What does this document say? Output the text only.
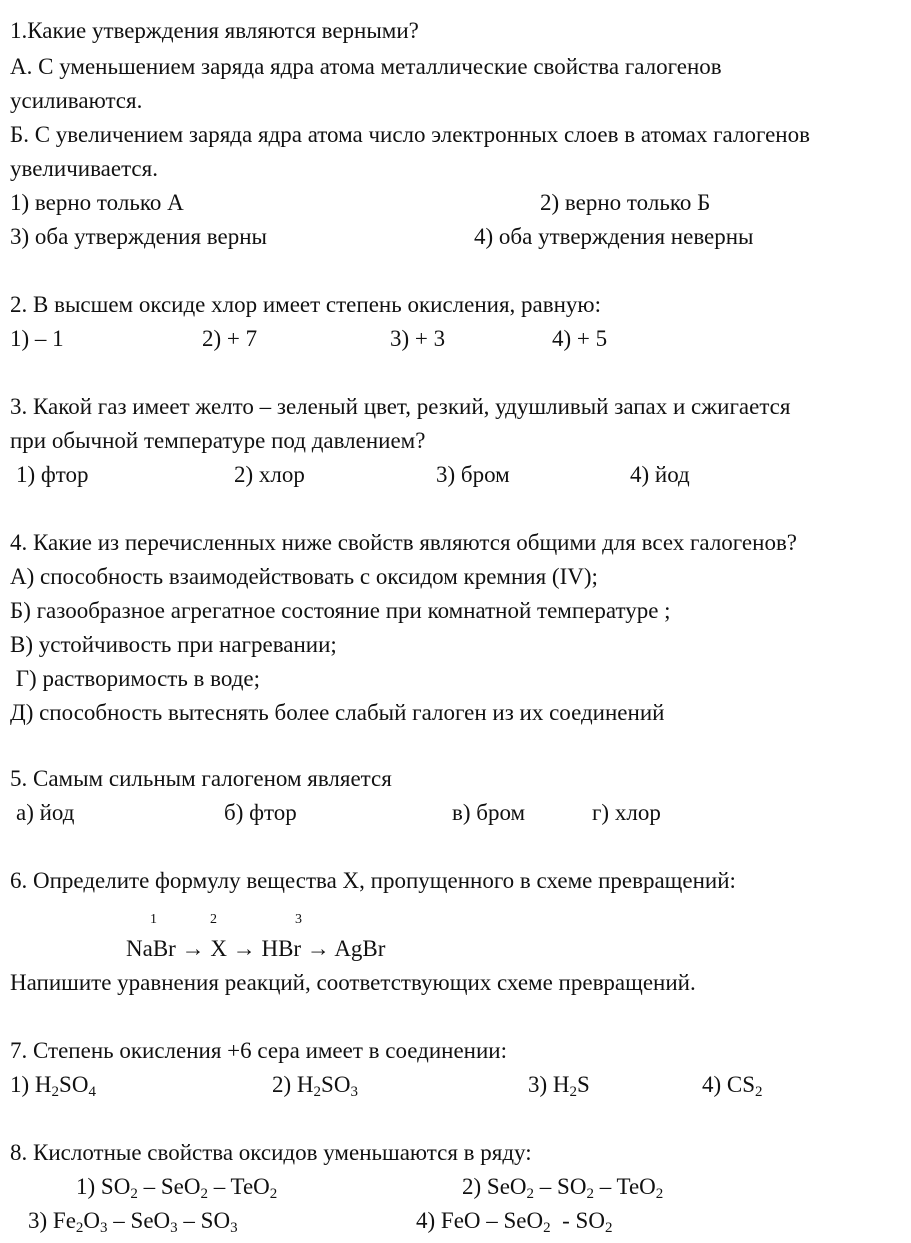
1.Какие утверждения являются верными?
А. С уменьшением заряда ядра атома металлические свойства галогенов
усиливаются.
Б. С увеличением заряда ядра атома число электронных слоев в атомах галогенов
увеличивается.
1) верно только А	2) верно только Б
3) оба утверждения верны	4) оба утверждения неверны
2. В высшем оксиде хлор имеет степень окисления, равную:
1) – 1	2) + 7	3) + 3	4) + 5
3. Какой газ имеет желто – зеленый цвет, резкий, удушливый запах и сжигается
при обычной температуре под давлением?
1) фтор	2) хлор	3) бром	4) йод
4. Какие из перечисленных ниже свойств являются общими для всех галогенов?
А) способность взаимодействовать с оксидом кремния (IV);
Б) газообразное агрегатное состояние при комнатной температуре ;
В) устойчивость при нагревании;
Г) растворимость в воде;
Д) способность вытеснять более слабый галоген из их соединений
5. Самым сильным галогеном является
а) йод	б) фтор	в) бром	г) хлор
6. Определите формулу вещества X, пропущенного в схеме превращений:
1	2	3
NaBr → X → HBr → AgBr
Напишите уравнения реакций, соответствующих схеме превращений.
7. Степень окисления +6 сера имеет в соединении:
1) $H_2SO_4$	2) $H_2SO_3$	3) $H_2S$	4) $CS_2$
8. Кислотные свойства оксидов уменьшаются в ряду:
1) $SO_2 - SeO_2 - TeO_2$	2) $SeO_2 - SO_2 - TeO_2$
3) $Fe_2O_3 - SeO_3 - SO_3$	4) FeO – $SeO_2 - SO_2$
